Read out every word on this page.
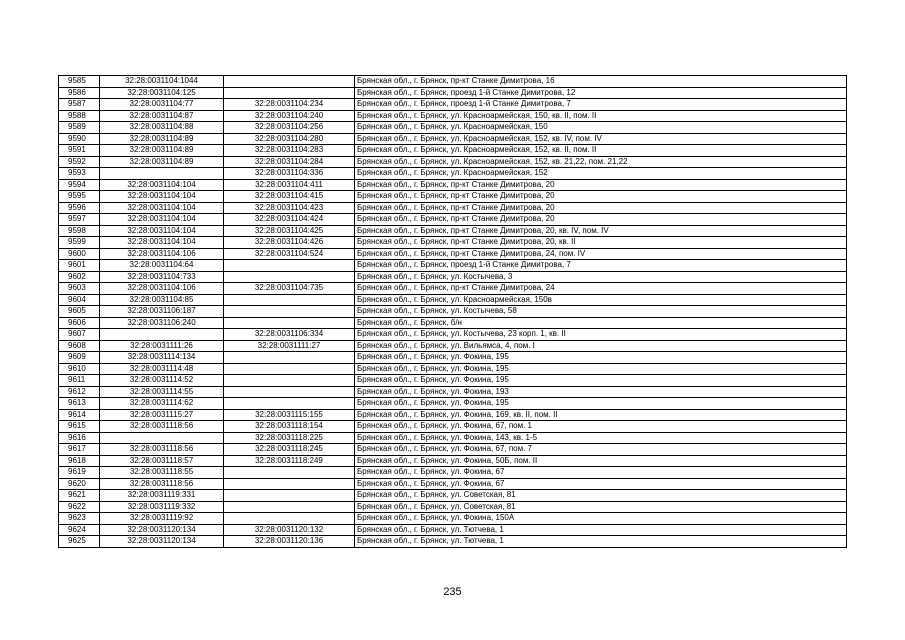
9585	32:28:0031104:1044		Брянская обл., г. Брянск, пр-кт Станке Димитрова, 16
9586	32:28:0031104:125		Брянская обл., г. Брянск, проезд 1-й Станке Димитрова, 12
9587	32:28:0031104:77	32:28:0031104:234	Брянская обл., г. Брянск, проезд 1-й Станке Димитрова, 7
9588	32:28:0031104:87	32:28:0031104:240	Брянская обл., г. Брянск, ул. Красноармейская, 150, кв. II, пом. II
9589	32:28:0031104:88	32:28:0031104:256	Брянская обл., г. Брянск, ул. Красноармейская, 150
9590	32:28:0031104:89	32:28:0031104:280	Брянская обл., г. Брянск, ул. Красноармейская, 152, кв. IV, пом. IV
9591	32:28:0031104:89	32:28:0031104:283	Брянская обл., г. Брянск, ул. Красноармейская, 152, кв. II, пом. II
9592	32:28:0031104:89	32:28:0031104:284	Брянская обл., г. Брянск, ул. Красноармейская, 152, кв. 21,22, пом. 21,22
9593		32:28:0031104:336	Брянская обл., г. Брянск, ул. Красноармейская, 152
9594	32:28:0031104:104	32:28:0031104:411	Брянская обл., г. Брянск, пр-кт Станке Димитрова, 20
9595	32:28:0031104:104	32:28:0031104:415	Брянская обл., г. Брянск, пр-кт Станке Димитрова, 20
9596	32:28:0031104:104	32:28:0031104:423	Брянская обл., г. Брянск, пр-кт Станке Димитрова, 20
9597	32:28:0031104:104	32:28:0031104:424	Брянская обл., г. Брянск, пр-кт Станке Димитрова, 20
9598	32:28:0031104:104	32:28:0031104:425	Брянская обл., г. Брянск, пр-кт Станке Димитрова, 20, кв. IV, пом. IV
9599	32:28:0031104:104	32:28:0031104:426	Брянская обл., г. Брянск, пр-кт Станке Димитрова, 20, кв. II
9600	32:28:0031104:106	32:28:0031104:524	Брянская обл., г. Брянск, пр-кт Станке Димитрова, 24, пом. IV
9601	32:28:0031104:64		Брянская обл., г. Брянск, проезд 1-й Станке Димитрова, 7
9602	32:28:0031104:733		Брянская обл., г. Брянск, ул. Костычева, 3
9603	32:28:0031104:106	32:28:0031104:735	Брянская обл., г. Брянск, пр-кт Станке Димитрова, 24
9604	32:28:0031104:85		Брянская обл., г. Брянск, ул. Красноармейская, 150в
9605	32:28:0031106:187		Брянская обл., г. Брянск, ул. Костычева, 58
9606	32:28:0031106:240		Брянская обл., г. Брянск, б/н
9607		32:28:0031106:334	Брянская обл., г. Брянск, ул. Костычева, 23 корп. 1, кв. II
9608	32:28:0031111:26	32:28:0031111:27	Брянская обл., г. Брянск, ул. Вильямса, 4, пом. I
9609	32:28:0031114:134		Брянская обл., г. Брянск, ул. Фокина, 195
9610	32:28:0031114:48		Брянская обл., г. Брянск, ул. Фокина, 195
9611	32:28:0031114:52		Брянская обл., г. Брянск, ул. Фокина, 195
9612	32:28:0031114:55		Брянская обл., г. Брянск, ул. Фокина, 193
9613	32:28:0031114:62		Брянская обл., г. Брянск, ул. Фокина, 195
9614	32:28:0031115:27	32:28:0031115:155	Брянская обл., г. Брянск, ул. Фокина, 169, кв. II, пом. II
9615	32:28:0031118:56	32:28:0031118:154	Брянская обл., г. Брянск, ул. Фокина, 67, пом. 1
9616		32:28:0031118:225	Брянская обл., г. Брянск, ул. Фокина, 143, кв. 1-5
9617	32:28:0031118:56	32:28:0031118:245	Брянская обл., г. Брянск, ул. Фокина, 67, пом. 7
9618	32:28:0031118:57	32:28:0031118:249	Брянская обл., г. Брянск, ул. Фокина, 50Б, пом. II
9619	32:28:0031118:55		Брянская обл., г. Брянск, ул. Фокина, 67
9620	32:28:0031118:56		Брянская обл., г. Брянск, ул. Фокина, 67
9621	32:28:0031119:331		Брянская обл., г. Брянск, ул. Советская, 81
9622	32:28:0031119:332		Брянская обл., г. Брянск, ул. Советская, 81
9623	32:28:0031119:92		Брянская обл., г. Брянск, ул. Фокина, 150А
9624	32:28:0031120:134	32:28:0031120:132	Брянская обл., г. Брянск, ул. Тютчева, 1
9625	32:28:0031120:134	32:28:0031120:136	Брянская обл., г. Брянск, ул. Тютчева, 1
235
